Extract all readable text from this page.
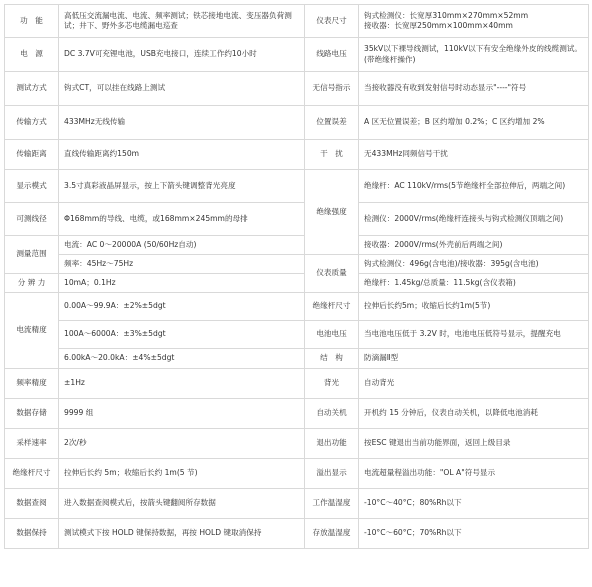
功　能	高低压交流漏电流、电流、频率测试；铁芯接地电流、变压器负荷测试；井下、野外多芯电缆漏电巡查	仪表尺寸	钩式检测仪：长宽厚310mm×270mm×52mm
接收器：长宽厚250mm×100mm×40mm

电　源	DC 3.7V可充锂电池，USB充电接口，连续工作约10小时	线路电压	35kV以下裸导线测试，110kV以下有安全绝缘外皮的线缆测试。(带绝缘杆操作)
测试方式	钩式CT，可以挂在线路上测试	无信号指示	当接收器没有收到发射信号时动态显示"----"符号
传输方式	433MHz无线传输	位置误差	A 区无位置误差；B 区约增加 0.2%；C 区约增加 2%
传输距离	直线传输距离约150m	干　扰	无433MHz同频信号干扰
显示模式	3.5寸真彩液晶屏显示，按上下箭头键调整背光亮度	绝缘强度	绝缘杆：AC 110kV/rms(5节绝缘杆全部拉伸后，两端之间)
可测线径	Φ168mm的导线、电缆，或168mm×245mm的母排		检测仪：2000V/rms(绝缘杆连接头与钩式检测仪顶端之间)
测量范围	电流：AC 0～20000A (50/60Hz自动)		接收器：2000V/rms(外壳前后两端之间)
	频率：45Hz～75Hz	仪表质量	钩式检测仪：496g(含电池)/接收器：395g(含电池)
分 辨 力	10mA；0.1Hz		绝缘杆：1.45kg/总质量：11.5kg(含仪表箱)
电流精度	0.00A～99.9A：±2%±5dgt	绝缘杆尺寸	拉伸后长约5m；收缩后长约1m(5节)
	100A～6000A：±3%±5dgt	电池电压	当电池电压低于 3.2V 时，电池电压低符号显示，提醒充电
	6.00kA～20.0kA：±4%±5dgt	结　构	防滴漏Ⅱ型
频率精度	±1Hz	背光	自动背光
数据存储	9999 组	自动关机	开机约 15 分钟后，仪表自动关机，以降低电池消耗
采样速率	2次/秒	退出功能	按ESC 键退出当前功能界面，返回上级目录
绝缘杆尺寸	拉伸后长约 5m；收缩后长约 1m(5 节)	溢出显示	电流超量程溢出功能："OL A"符号显示
数据查阅	进入数据查阅模式后，按箭头键翻阅所存数据	工作温湿度	-10°C～40°C；80%Rh以下
数据保持	测试模式下按 HOLD 键保持数据，再按 HOLD 键取消保持	存放温湿度	-10°C～60°C；70%Rh以下
